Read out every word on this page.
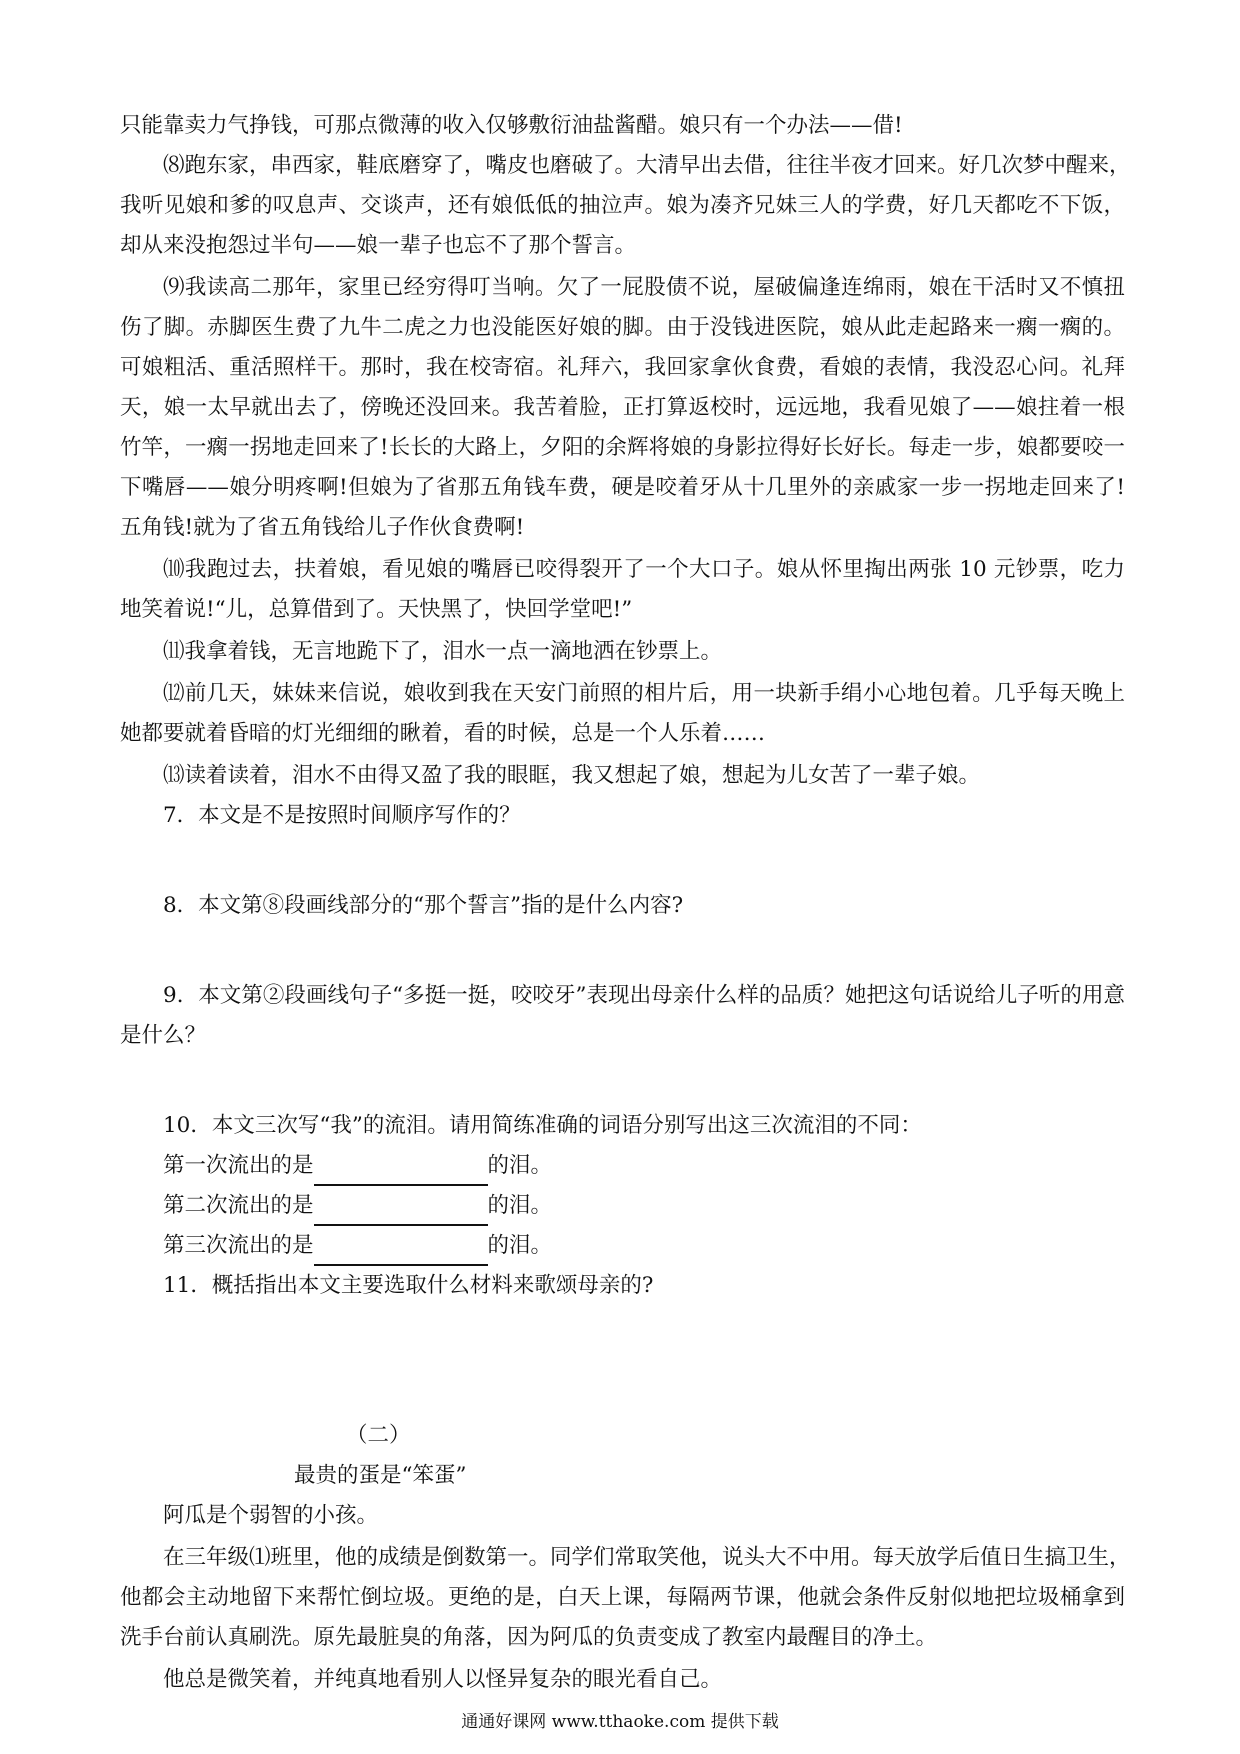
只能靠卖力气挣钱，可那点微薄的收入仅够敷衍油盐酱醋。娘只有一个办法——借!
⑻跑东家，串西家，鞋底磨穿了，嘴皮也磨破了。大清早出去借，往往半夜才回来。好几次梦中醒来，
我听见娘和爹的叹息声、交谈声，还有娘低低的抽泣声。娘为凑齐兄妹三人的学费，好几天都吃不下饭，
却从来没抱怨过半句——娘一辈子也忘不了那个誓言。
⑼我读高二那年，家里已经穷得叮当响。欠了一屁股债不说，屋破偏逢连绵雨，娘在干活时又不慎扭
伤了脚。赤脚医生费了九牛二虎之力也没能医好娘的脚。由于没钱进医院，娘从此走起路来一瘸一瘸的。
可娘粗活、重活照样干。那时，我在校寄宿。礼拜六，我回家拿伙食费，看娘的表情，我没忍心问。礼拜
天，娘一太早就出去了，傍晚还没回来。我苦着脸，正打算返校时，远远地，我看见娘了——娘拄着一根
竹竿，一瘸一拐地走回来了!长长的大路上，夕阳的余辉将娘的身影拉得好长好长。每走一步，娘都要咬一
下嘴唇——娘分明疼啊!但娘为了省那五角钱车费，硬是咬着牙从十几里外的亲戚家一步一拐地走回来了!
五角钱!就为了省五角钱给儿子作伙食费啊!
⑽我跑过去，扶着娘，看见娘的嘴唇已咬得裂开了一个大口子。娘从怀里掏出两张 10 元钞票，吃力
地笑着说!“儿，总算借到了。天快黑了，快回学堂吧!”
⑾我拿着钱，无言地跪下了，泪水一点一滴地洒在钞票上。
⑿前几天，妹妹来信说，娘收到我在天安门前照的相片后，用一块新手绢小心地包着。几乎每天晚上
她都要就着昏暗的灯光细细的瞅着，看的时候，总是一个人乐着……
⒀读着读着，泪水不由得又盈了我的眼眶，我又想起了娘，想起为儿女苦了一辈子娘。
7．本文是不是按照时间顺序写作的？
8．本文第⑧段画线部分的“那个誓言”指的是什么内容?
9．本文第②段画线句子“多挺一挺，咬咬牙”表现出母亲什么样的品质？她把这句话说给儿子听的用意
是什么？
10．本文三次写“我”的流泪。请用简练准确的词语分别写出这三次流泪的不同：
第一次流出的是	的泪。
第二次流出的是	的泪。
第三次流出的是	的泪。
11．概括指出本文主要选取什么材料来歌颂母亲的?
（二）
最贵的蛋是“笨蛋”
阿瓜是个弱智的小孩。
在三年级⑴班里，他的成绩是倒数第一。同学们常取笑他，说头大不中用。每天放学后值日生搞卫生，
他都会主动地留下来帮忙倒垃圾。更绝的是，白天上课，每隔两节课，他就会条件反射似地把垃圾桶拿到
洗手台前认真刷洗。原先最脏臭的角落，因为阿瓜的负责变成了教室内最醒目的净土。
他总是微笑着，并纯真地看别人以怪异复杂的眼光看自己。
通通好课网 www.tthaoke.com 提供下载
